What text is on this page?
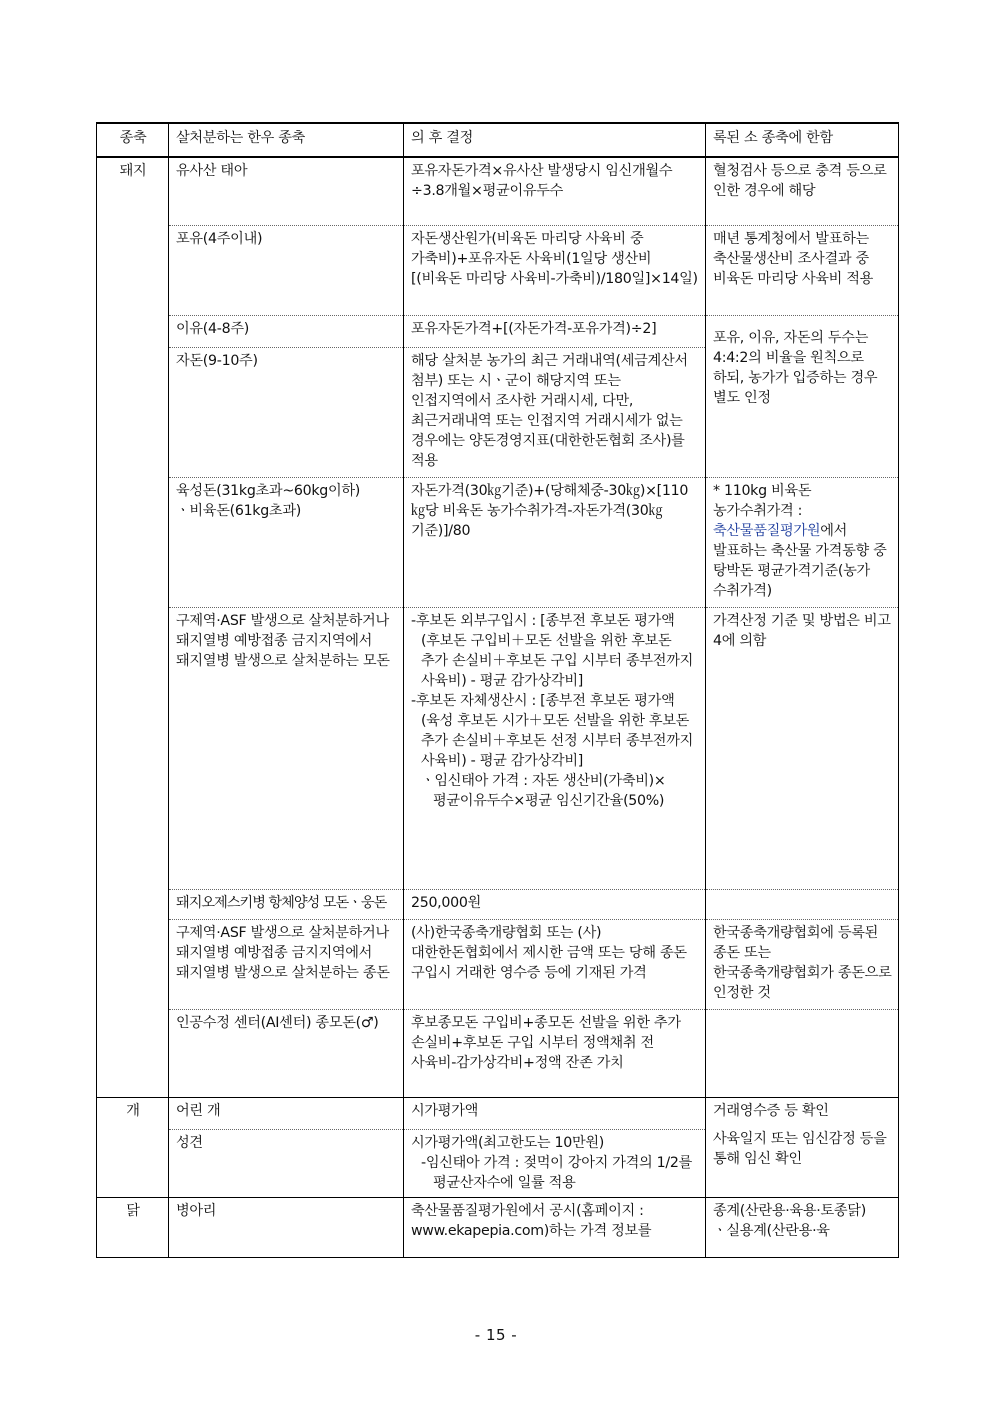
종축	살처분하는 한우 종축	의 후 결정	록된 소 종축에 한함
돼지	유사산 태아	포유자돈가격×유사산 발생당시 임신개월수÷3.8개월×평균이유두수	혈청검사 등으로 충격 등으로 인한 경우에 해당
	포유(4주이내)	자돈생산원가(비육돈 마리당 사육비 중 가축비)+포유자돈 사육비(1일당 생산비[(비육돈 마리당 사육비-가축비)/180일]×14일)	매년 통계청에서 발표하는 축산물생산비 조사결과 중 비육돈 마리당 사육비 적용
	이유(4-8주)	포유자돈가격+[(자돈가격-포유가격)÷2]	포유, 이유, 자돈의 두수는 4:4:2의 비율을 원칙으로 하되, 농가가 입증하는 경우 별도 인정
	자돈(9-10주)	해당 살처분 농가의 최근 거래내역(세금계산서 첨부) 또는 시ㆍ군이 해당지역 또는 인접지역에서 조사한 거래시세, 다만, 최근거래내역 또는 인접지역 거래시세가 없는 경우에는 양돈경영지표(대한한돈협회 조사)를 적용	
	육성돈(31kg초과~60kg이하) ㆍ비육돈(61kg초과)	자돈가격(30㎏기준)+(당해체중-30㎏)×[110㎏당 비육돈 농가수취가격-자돈가격(30㎏기준)]/80	* 110kg 비육돈 농가수취가격 : 축산물품질평가원에서 발표하는 축산물 가격동향 중 탕박돈 평균가격기준(농가 수취가격)
	구제역·ASF 발생으로 살처분하거나 돼지열병 예방접종 금지지역에서 돼지열병 발생으로 살처분하는 모돈	-후보돈 외부구입시 : [종부전 후보돈 평가액(후보돈 구입비＋모돈 선발을 위한 후보돈 추가 손실비＋후보돈 구입 시부터 종부전까지 사육비) - 평균 감가상각비]
-후보돈 자체생산시 : [종부전 후보돈 평가액(육성 후보돈 시가＋모돈 선발을 위한 후보돈 추가 손실비＋후보돈 선정 시부터 종부전까지 사육비) - 평균 감가상각비]
ㆍ임신태아 가격 : 자돈 생산비(가축비)×평균이유두수×평균 임신기간율(50%)	가격산정 기준 및 방법은 비고 4에 의함
	돼지오제스키병 항체양성 모돈ㆍ웅돈	250,000원	
	구제역·ASF 발생으로 살처분하거나 돼지열병 예방접종 금지지역에서 돼지열병 발생으로 살처분하는 종돈	(사)한국종축개량협회 또는 (사)대한한돈협회에서 제시한 금액 또는 당해 종돈 구입시 거래한 영수증 등에 기재된 가격	한국종축개량협회에 등록된 종돈 또는 한국종축개량협회가 종돈으로 인정한 것
	인공수정 센터(AI센터) 종모돈(♂)	후보종모돈 구입비+종모돈 선발을 위한 추가 손실비+후보돈 구입 시부터 정액채취 전 사육비-감가상각비+정액 잔존 가치	
개	어린 개	시가평가액	거래영수증 등 확인
	성견	시가평가액(최고한도는 10만원)
-임신태아 가격 : 젖먹이 강아지 가격의 1/2를 평균산자수에 일률 적용	사육일지 또는 임신감정 등을 통해 임신 확인
닭	병아리	축산물품질평가원에서 공시(홈페이지 : www.ekapepia.com)하는 가격 정보를	종계(산란용·육용·토종닭) ㆍ실용계(산란용·육
- 15 -
